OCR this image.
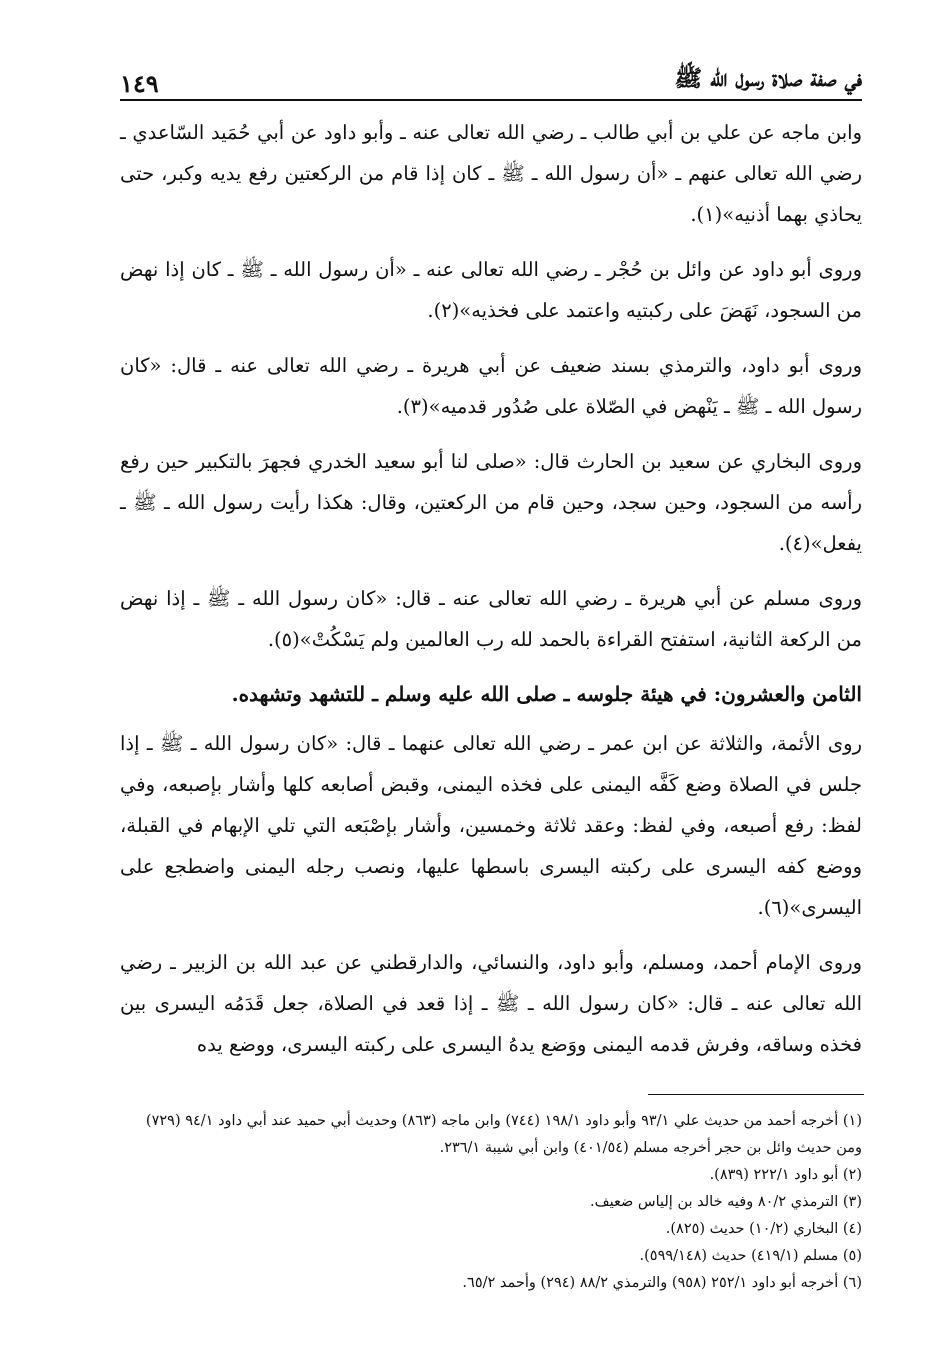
في صفة صلاة رسول الله ﷺ
١٤٩

وابن ماجه عن علي بن أبي طالب ـ رضي الله تعالى عنه ـ وأبو داود عن أبي حُمَيد السّاعدي ـ رضي الله تعالى عنهم ـ «أن رسول الله ـ ﷺ ـ كان إذا قام من الركعتين رفع يديه وكبر، حتى يحاذي بهما أذنيه»(١).

وروى أبو داود عن وائل بن حُجْر ـ رضي الله تعالى عنه ـ «أن رسول الله ـ ﷺ ـ كان إذا نهض من السجود، نَهَضَ على ركبتيه واعتمد على فخذيه»(٢).

وروى أبو داود، والترمذي بسند ضعيف عن أبي هريرة ـ رضي الله تعالى عنه ـ قال: «كان رسول الله ـ ﷺ ـ يَنْهض في الصّلاة على صُدُور قدميه»(٣).

وروى البخاري عن سعيد بن الحارث قال: «صلى لنا أبو سعيد الخدري فجهرَ بالتكبير حين رفع رأسه من السجود، وحين سجد، وحين قام من الركعتين، وقال: هكذا رأيت رسول الله ـ ﷺ ـ يفعل»(٤).

وروى مسلم عن أبي هريرة ـ رضي الله تعالى عنه ـ قال: «كان رسول الله ـ ﷺ ـ إذا نهض من الركعة الثانية، استفتح القراءة بالحمد لله رب العالمين ولم يَسْكُتْ»(٥).

الثامن والعشرون: في هيئة جلوسه ـ صلى الله عليه وسلم ـ للتشهد وتشهده.

روى الأئمة، والثلاثة عن ابن عمر ـ رضي الله تعالى عنهما ـ قال: «كان رسول الله ـ ﷺ ـ إذا جلس في الصلاة وضع كَفَّه اليمنى على فخذه اليمنى، وقبض أصابعه كلها وأشار بإصبعه، وفي لفظ: رفع أصبعه، وفي لفظ: وعقد ثلاثة وخمسين، وأشار بإصْبَعه التي تلي الإبهام في القبلة، ووضع كفه اليسرى على ركبته اليسرى باسطها عليها، ونصب رجله اليمنى واضطجع على اليسرى»(٦).

وروى الإمام أحمد، ومسلم، وأبو داود، والنسائي، والدارقطني عن عبد الله بن الزبير ـ رضي الله تعالى عنه ـ قال: «كان رسول الله ـ ﷺ ـ إذا قعد في الصلاة، جعل قَدَمُه اليسرى بين فخذه وساقه، وفرش قدمه اليمنى ووَضع يدهُ اليسرى على ركبته اليسرى، ووضع يده

(١) أخرجه أحمد من حديث علي ٩٣/١ وأبو داود ١٩٨/١ (٧٤٤) وابن ماجه (٨٦٣) وحديث أبي حميد عند أبي داود ٩٤/١ (٧٢٩) ومن حديث وائل بن حجر أخرجه مسلم (٤٠١/٥٤) وابن أبي شيبة ٢٣٦/١.

(٢) أبو داود ٢٢٢/١ (٨٣٩).

(٣) الترمذي ٨٠/٢ وفيه خالد بن إلياس ضعيف.

(٤) البخاري (١٠/٢) حديث (٨٢٥).

(٥) مسلم (٤١٩/١) حديث (٥٩٩/١٤٨).

(٦) أخرجه أبو داود ٢٥٢/١ (٩٥٨) والترمذي ٨٨/٢ (٢٩٤) وأحمد ٦٥/٢.
